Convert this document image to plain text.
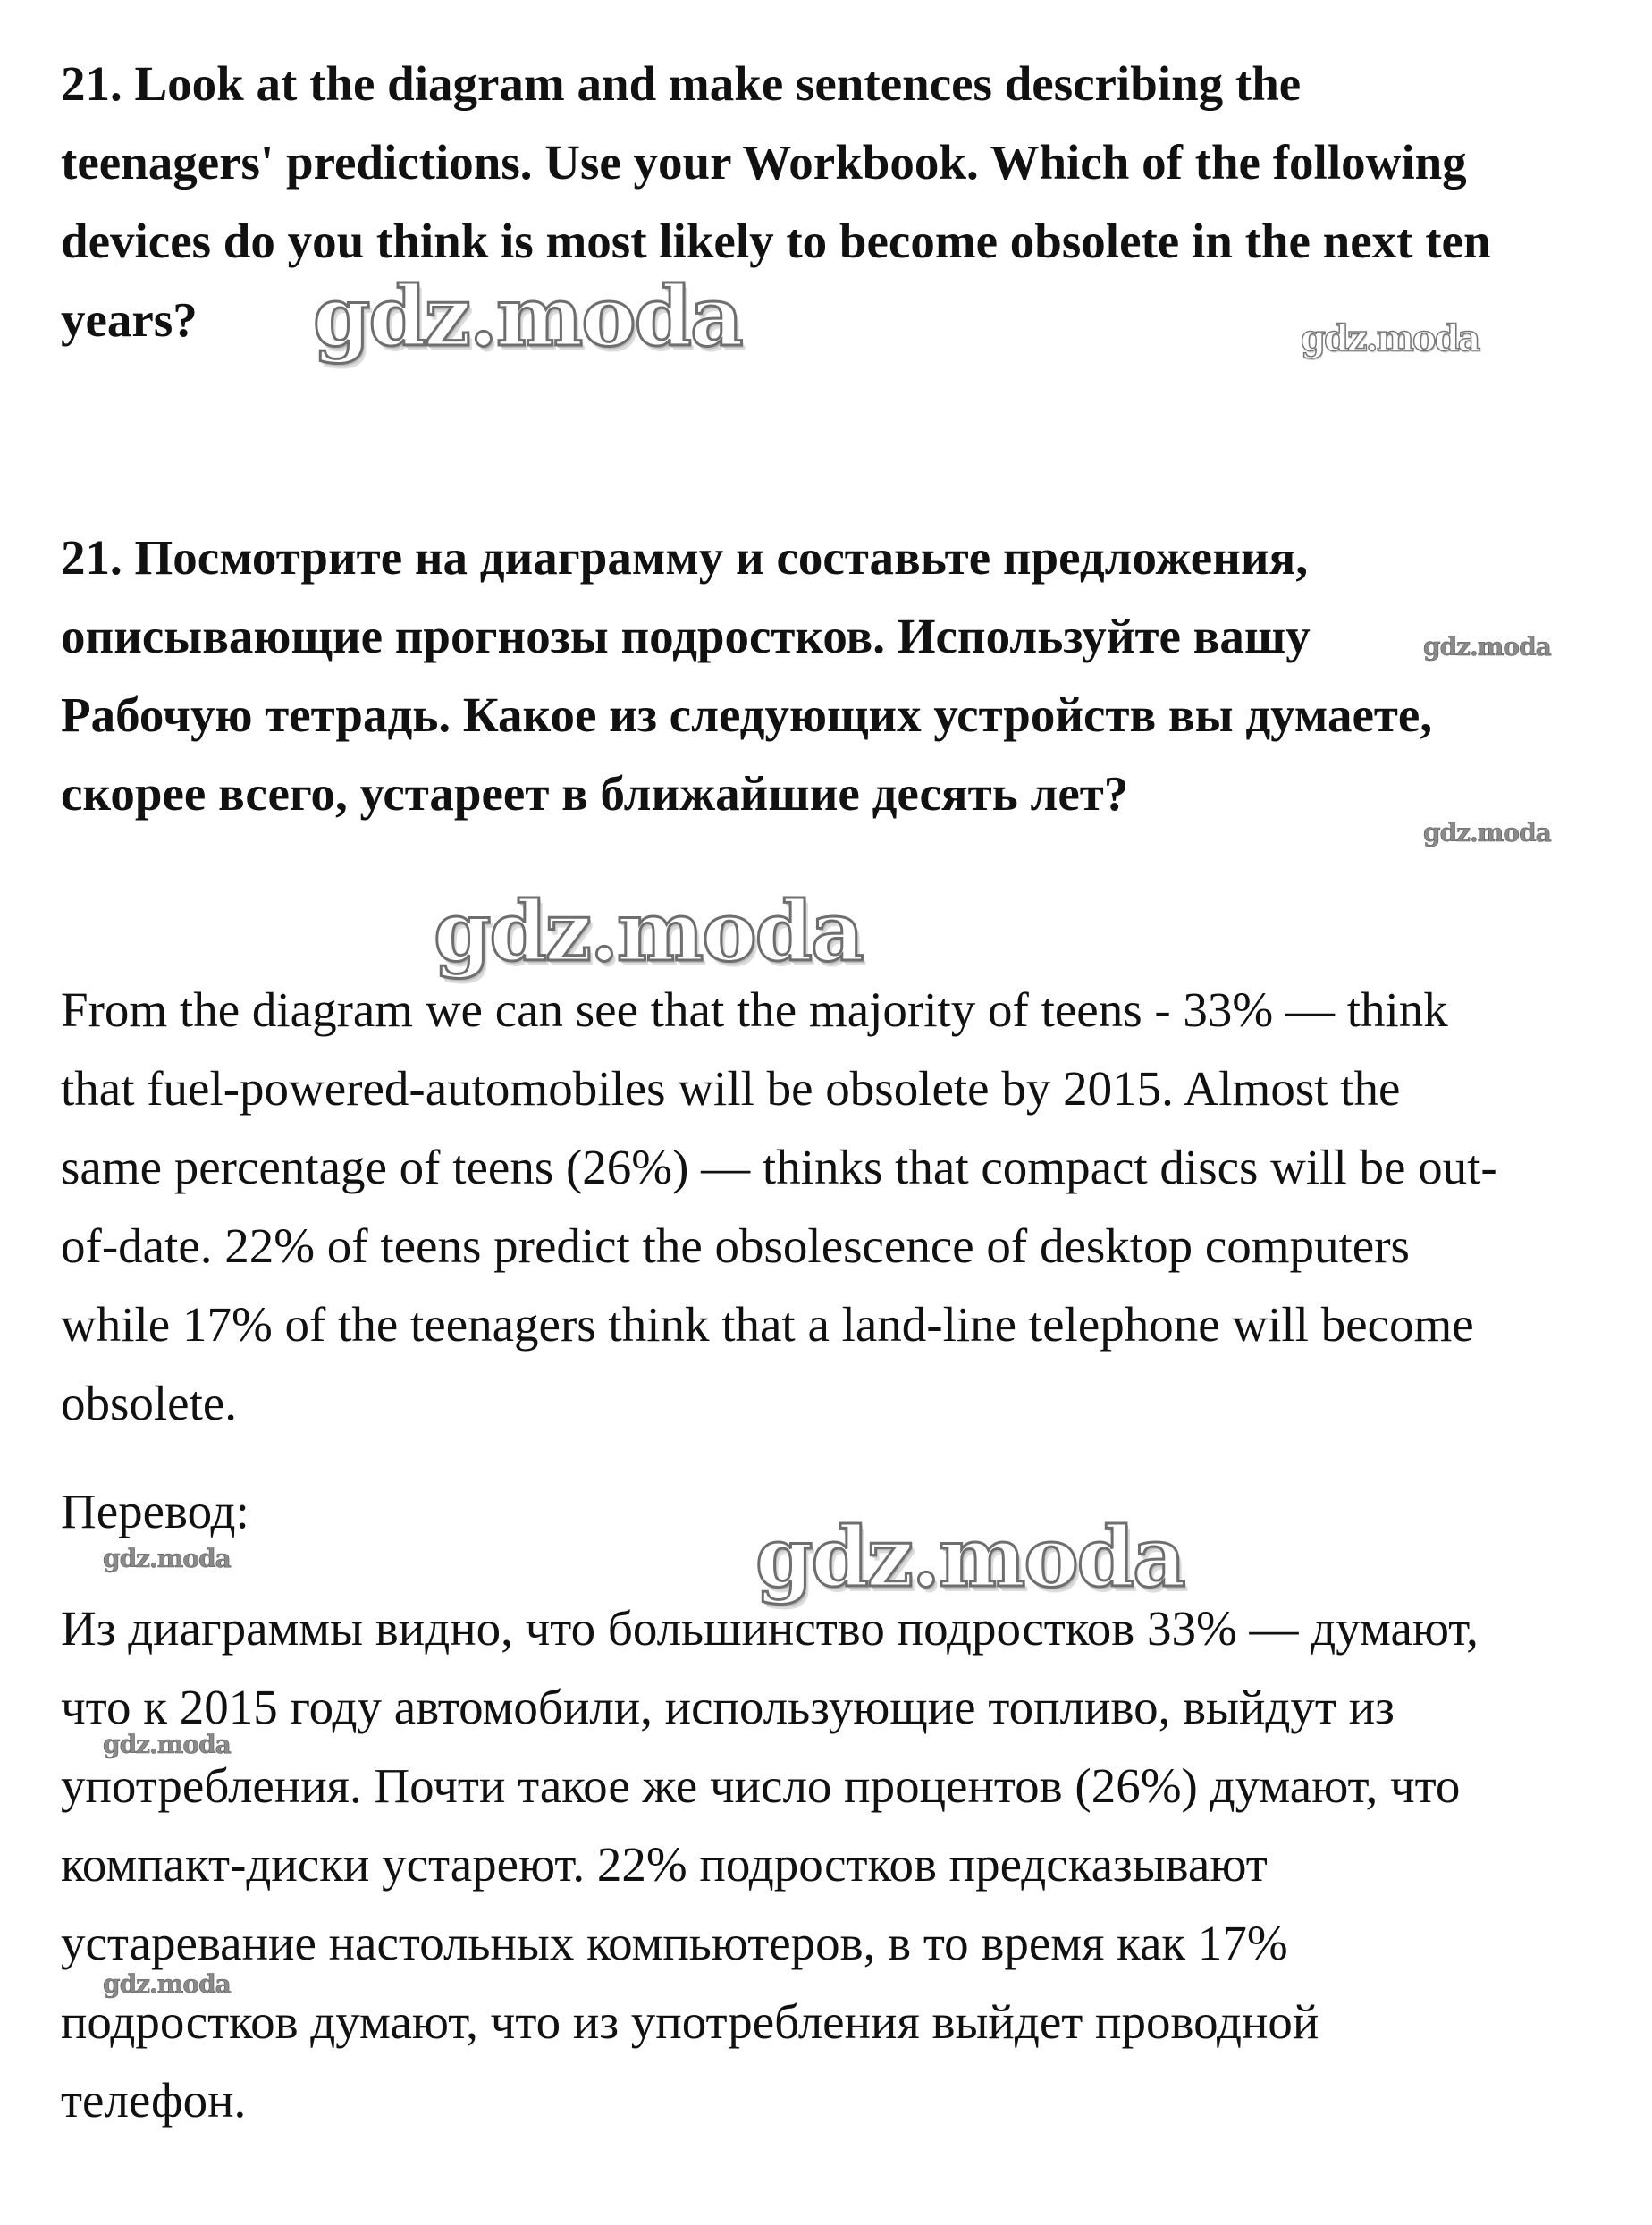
21. Look at the diagram and make sentences describing the
teenagers' predictions. Use your Workbook. Which of the following
devices do you think is most likely to become obsolete in the next ten
years?
21. Посмотрите на диаграмму и составьте предложения,
описывающие прогнозы подростков. Используйте вашу
Рабочую тетрадь. Какое из следующих устройств вы думаете,
скорее всего, устареет в ближайшие десять лет?
From the diagram we can see that the majority of teens - 33% — think
that fuel-powered-automobiles will be obsolete by 2015. Almost the
same percentage of teens (26%) — thinks that compact discs will be out-
of-date. 22% of teens predict the obsolescence of desktop computers
while 17% of the teenagers think that a land-line telephone will become
obsolete.
Перевод:
Из диаграммы видно, что большинство подростков 33% — думают,
что к 2015 году автомобили, использующие топливо, выйдут из
употребления. Почти такое же число процентов (26%) думают, что
компакт-диски устареют. 22% подростков предсказывают
устаревание настольных компьютеров, в то время как 17%
подростков думают, что из употребления выйдет проводной
телефон.
gdz.moda	gdz.moda
gdz.moda
gdz.moda
gdz.moda
gdz.moda
gdz.moda
gdz.moda
gdz.moda
